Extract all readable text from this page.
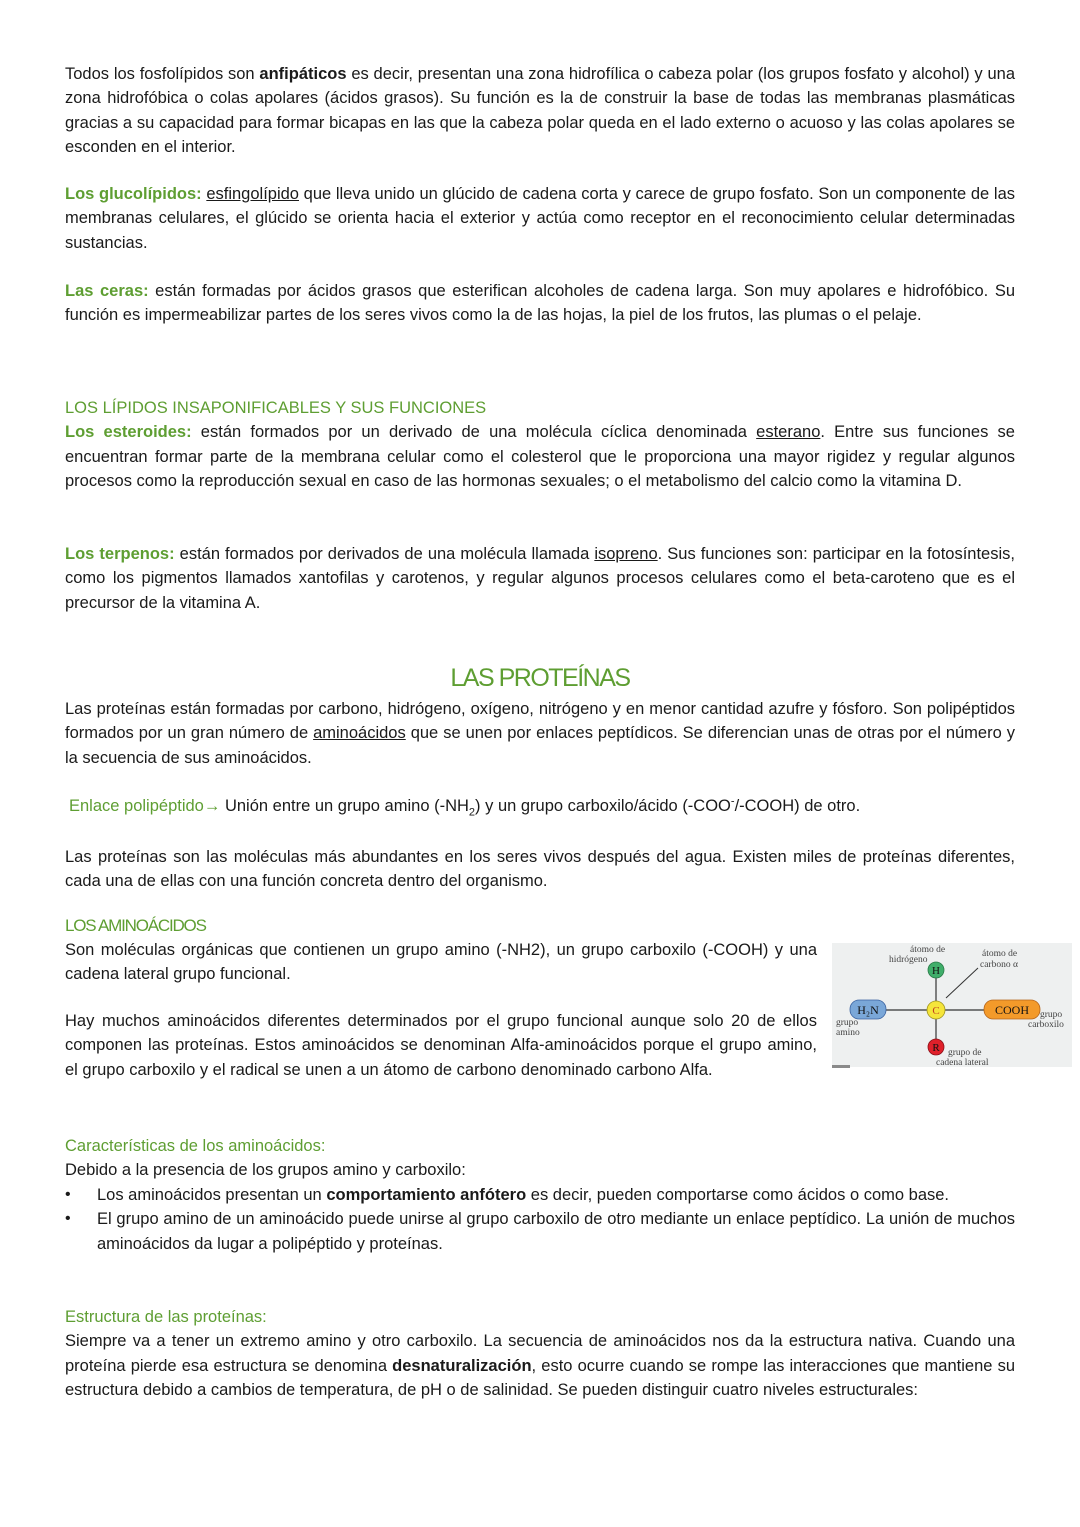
Todos los fosfolípidos son anfipáticos es decir, presentan una zona hidrofílica o cabeza polar (los grupos fosfato y alcohol) y una zona hidrofóbica o colas apolares (ácidos grasos). Su función es la de construir la base de todas las membranas plasmáticas gracias a su capacidad para formar bicapas en las que la cabeza polar queda en el lado externo o acuoso y las colas apolares se esconden en el interior.

Los glucolípidos: esfingolípido que lleva unido un glúcido de cadena corta y carece de grupo fosfato. Son un componente de las membranas celulares, el glúcido se orienta hacia el exterior y actúa como receptor en el reconocimiento celular determinadas sustancias.

Las ceras: están formadas por ácidos grasos que esterifican alcoholes de cadena larga. Son muy apolares e hidrofóbico. Su función es impermeabilizar partes de los seres vivos como la de las hojas, la piel de los frutos, las plumas o el pelaje.

LOS LÍPIDOS INSAPONIFICABLES Y SUS FUNCIONES

Los esteroides: están formados por un derivado de una molécula cíclica denominada esterano. Entre sus funciones se encuentran formar parte de la membrana celular como el colesterol que le proporciona una mayor rigidez y regular algunos procesos como la reproducción sexual en caso de las hormonas sexuales; o el metabolismo del calcio como la vitamina D.

Los terpenos: están formados por derivados de una molécula llamada isopreno. Sus funciones son: participar en la fotosíntesis, como los pigmentos llamados xantofilas y carotenos, y regular algunos procesos celulares como el beta-caroteno que es el precursor de la vitamina A.

LAS PROTEÍNAS

Las proteínas están formadas por carbono, hidrógeno, oxígeno, nitrógeno y en menor cantidad azufre y fósforo. Son polipéptidos formados por un gran número de aminoácidos que se unen por enlaces peptídicos. Se diferencian unas de otras por el número y la secuencia de sus aminoácidos.

Enlace polipéptido→ Unión entre un grupo amino $(-NH_2)$ y un grupo carboxilo/ácido (-COO-/-COOH) de otro.

Las proteínas son las moléculas más abundantes en los seres vivos después del agua. Existen miles de proteínas diferentes, cada una de ellas con una función concreta dentro del organismo.

LOS AMINOÁCIDOS

Son moléculas orgánicas que contienen un grupo amino (-NH2), un grupo carboxilo (-COOH) y una cadena lateral grupo funcional.

Hay muchos aminoácidos diferentes determinados por el grupo funcional aunque solo 20 de ellos componen las proteínas. Estos aminoácidos se denominan Alfa-aminoácidos porque el grupo amino, el grupo carboxilo y el radical se unen a un átomo de carbono denominado carbono Alfa.

Características de los aminoácidos:

Debido a la presencia de los grupos amino y carboxilo:

• Los aminoácidos presentan un comportamiento anfótero es decir, pueden comportarse como ácidos o como base.
• El grupo amino de un aminoácido puede unirse al grupo carboxilo de otro mediante un enlace peptídico. La unión de muchos aminoácidos da lugar a polipéptido y proteínas.
Estructura de las proteínas:

Siempre va a tener un extremo amino y otro carboxilo. La secuencia de aminoácidos nos da la estructura nativa. Cuando una proteína pierde esa estructura se denomina desnaturalización, esto ocurre cuando se rompe las interacciones que mantiene su estructura debido a cambios de temperatura, de pH o de salinidad. Se pueden distinguir cuatro niveles estructurales:

átomo de
hidrógeno
átomo de
carbono α
H
C
H₂N
grupo
amino
COOH grupo
carboxilo
R grupo de
cadena lateral
